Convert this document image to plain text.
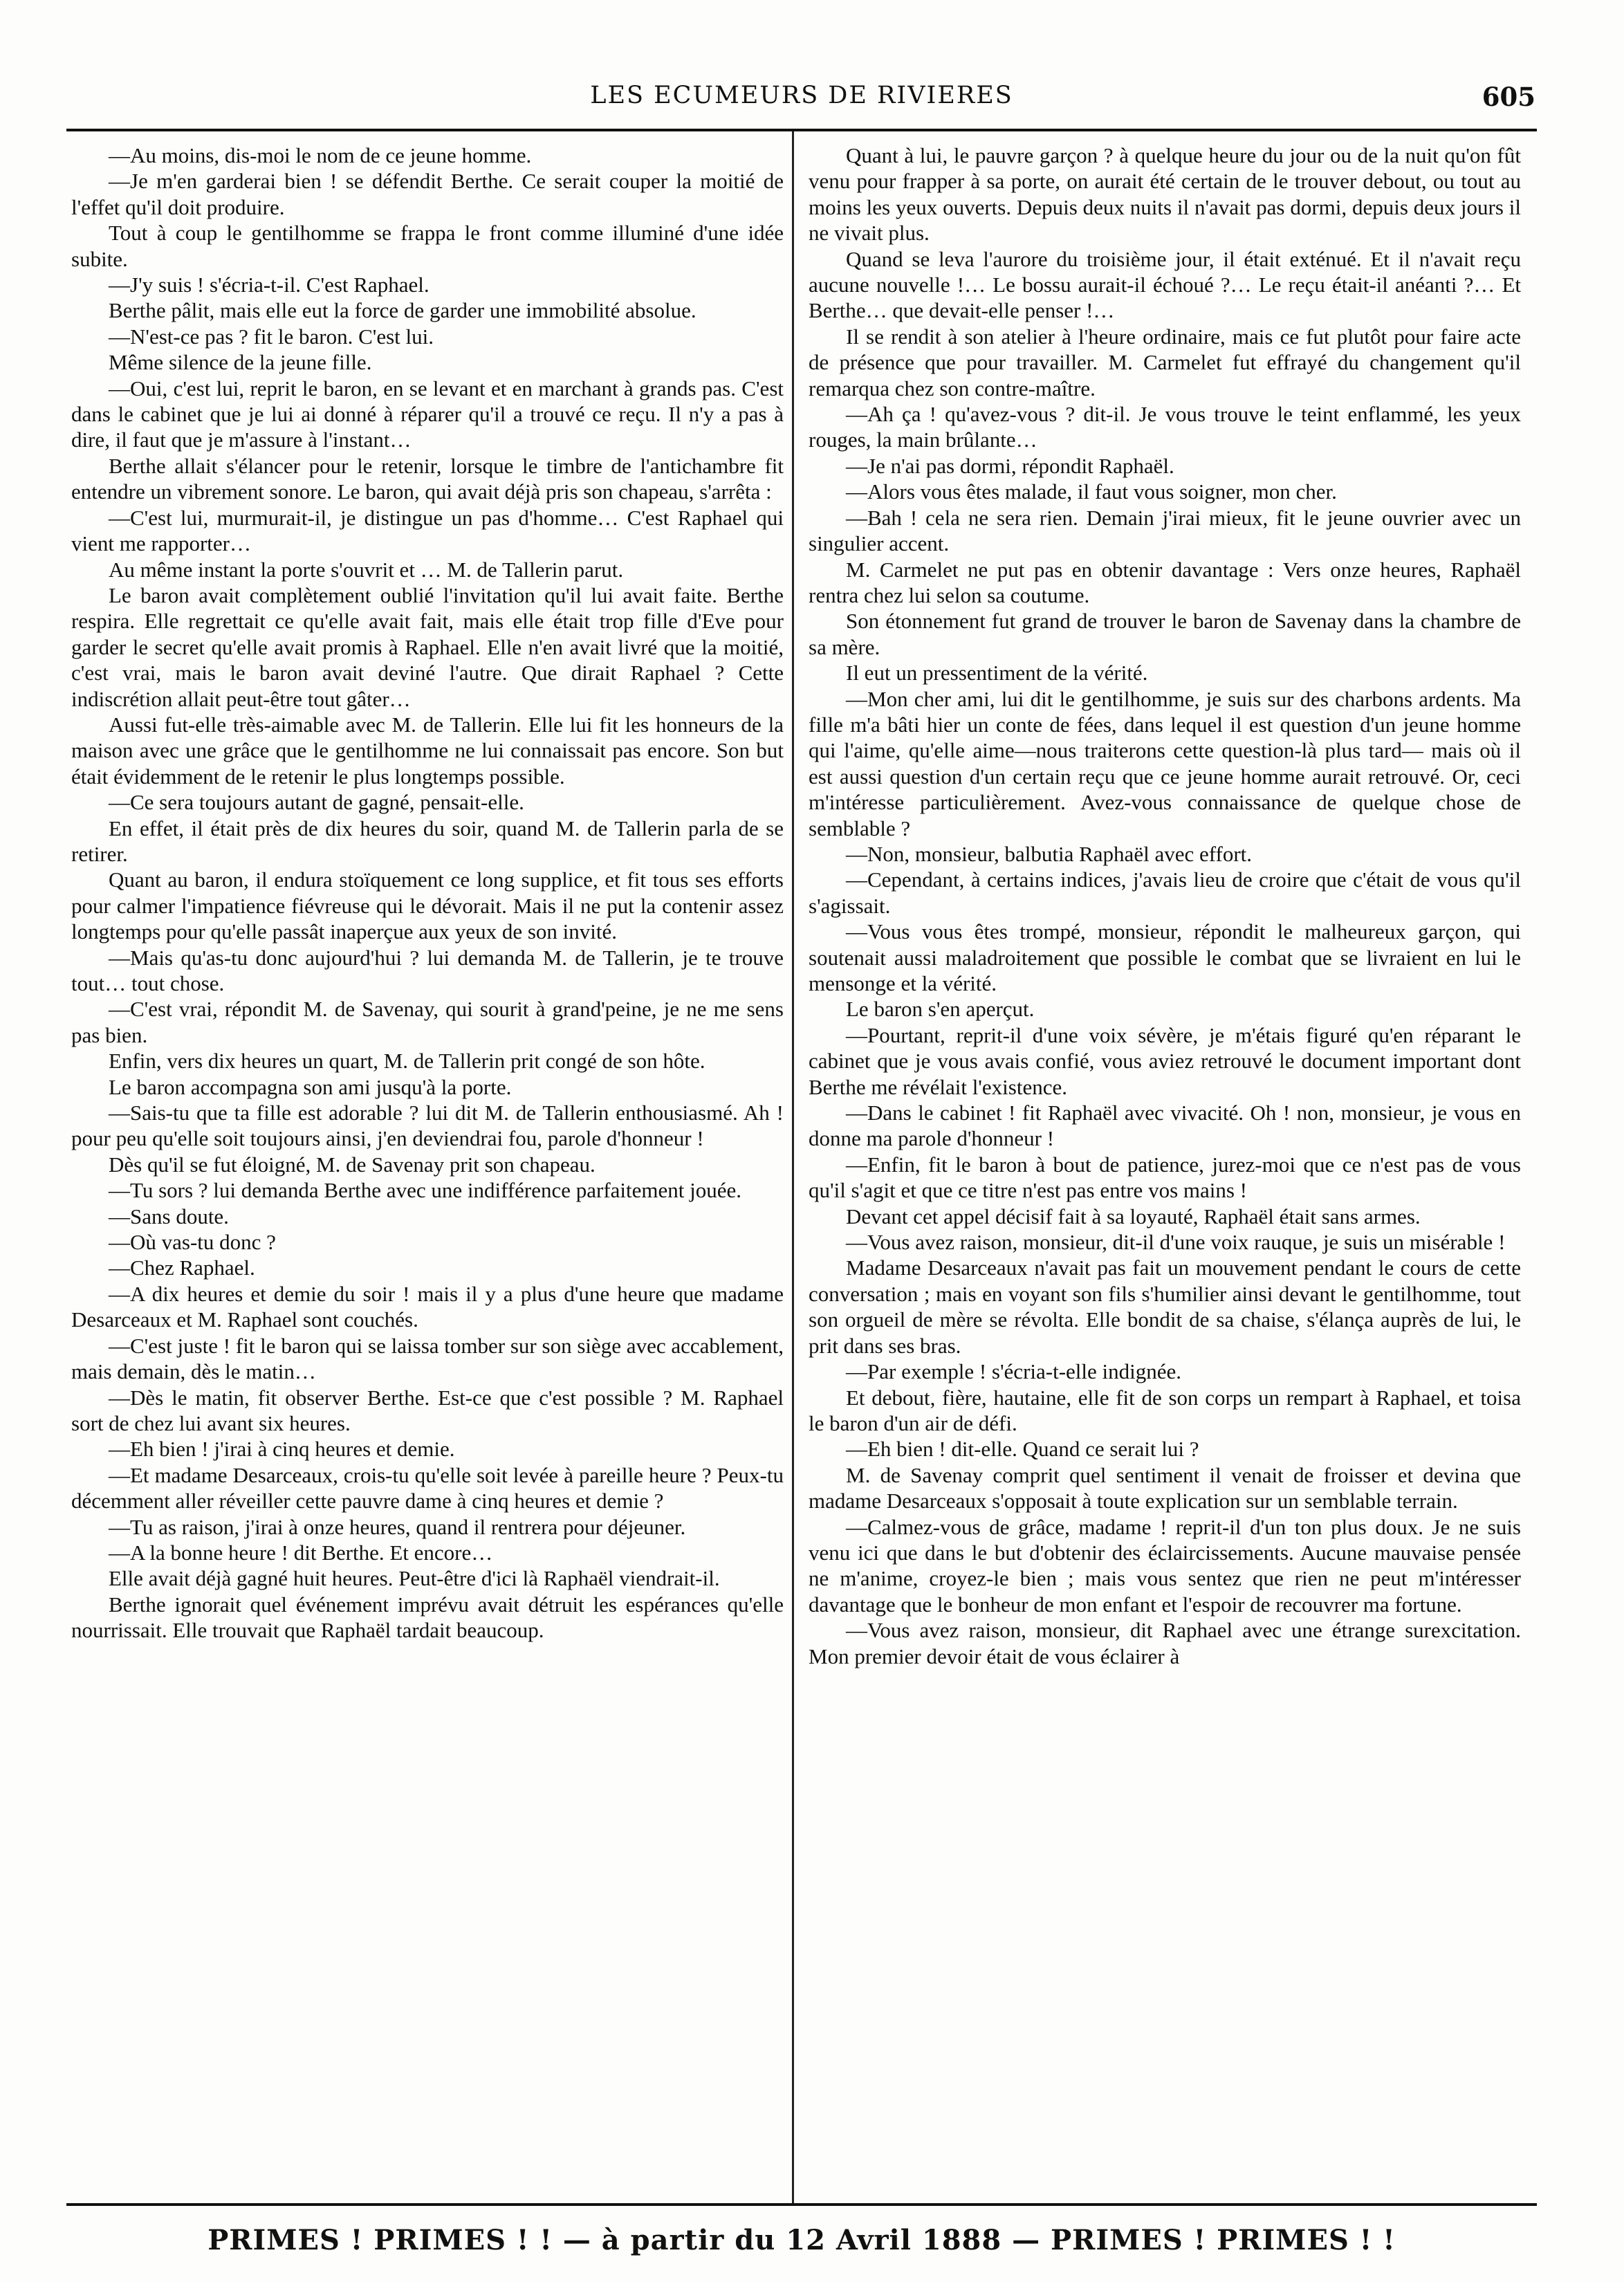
LES ECUMEURS DE RIVIERES	605

—Au moins, dis-moi le nom de ce jeune homme.

—Je m'en garderai bien ! se défendit Berthe. Ce serait couper la moitié de l'effet qu'il doit produire.

Tout à coup le gentilhomme se frappa le front comme illuminé d'une idée subite.

—J'y suis ! s'écria-t-il. C'est Raphael.

Berthe pâlit, mais elle eut la force de garder une immobilité absolue.

—N'est-ce pas ? fit le baron. C'est lui.

Même silence de la jeune fille.

—Oui, c'est lui, reprit le baron, en se levant et en marchant à grands pas. C'est dans le cabinet que je lui ai donné à réparer qu'il a trouvé ce reçu. Il n'y a pas à dire, il faut que je m'assure à l'instant…

Berthe allait s'élancer pour le retenir, lorsque le timbre de l'antichambre fit entendre un vibrement sonore. Le baron, qui avait déjà pris son chapeau, s'arrêta :

—C'est lui, murmurait-il, je distingue un pas d'homme… C'est Raphael qui vient me rapporter…

Au même instant la porte s'ouvrit et … M. de Tallerin parut.

Le baron avait complètement oublié l'invitation qu'il lui avait faite. Berthe respira. Elle regrettait ce qu'elle avait fait, mais elle était trop fille d'Eve pour garder le secret qu'elle avait promis à Raphael. Elle n'en avait livré que la moitié, c'est vrai, mais le baron avait deviné l'autre. Que dirait Raphael ? Cette indiscrétion allait peut-être tout gâter…

Aussi fut-elle très-aimable avec M. de Tallerin. Elle lui fit les honneurs de la maison avec une grâce que le gentilhomme ne lui connaissait pas encore. Son but était évidemment de le retenir le plus longtemps possible.

—Ce sera toujours autant de gagné, pensait-elle.

En effet, il était près de dix heures du soir, quand M. de Tallerin parla de se retirer.

Quant au baron, il endura stoïquement ce long supplice, et fit tous ses efforts pour calmer l'impatience fiévreuse qui le dévorait. Mais il ne put la contenir assez longtemps pour qu'elle passât inaperçue aux yeux de son invité.

—Mais qu'as-tu donc aujourd'hui ? lui demanda M. de Tallerin, je te trouve tout… tout chose.

—C'est vrai, répondit M. de Savenay, qui sourit à grand'peine, je ne me sens pas bien.

Enfin, vers dix heures un quart, M. de Tallerin prit congé de son hôte.

Le baron accompagna son ami jusqu'à la porte.

—Sais-tu que ta fille est adorable ? lui dit M. de Tallerin enthousiasmé. Ah ! pour peu qu'elle soit toujours ainsi, j'en deviendrai fou, parole d'honneur !

Dès qu'il se fut éloigné, M. de Savenay prit son chapeau.

—Tu sors ? lui demanda Berthe avec une indifférence parfaitement jouée.

—Sans doute.

—Où vas-tu donc ?

—Chez Raphael.

—A dix heures et demie du soir ! mais il y a plus d'une heure que madame Desarceaux et M. Raphael sont couchés.

—C'est juste ! fit le baron qui se laissa tomber sur son siège avec accablement, mais demain, dès le matin…

—Dès le matin, fit observer Berthe. Est-ce que c'est possible ? M. Raphael sort de chez lui avant six heures.

—Eh bien ! j'irai à cinq heures et demie.

—Et madame Desarceaux, crois-tu qu'elle soit levée à pareille heure ? Peux-tu décemment aller réveiller cette pauvre dame à cinq heures et demie ?

—Tu as raison, j'irai à onze heures, quand il rentrera pour déjeuner.

—A la bonne heure ! dit Berthe. Et encore…

Elle avait déjà gagné huit heures. Peut-être d'ici là Raphaël viendrait-il.

Berthe ignorait quel événement imprévu avait détruit les espérances qu'elle nourrissait. Elle trouvait que Raphaël tardait beaucoup.

Quant à lui, le pauvre garçon ? à quelque heure du jour ou de la nuit qu'on fût venu pour frapper à sa porte, on aurait été certain de le trouver debout, ou tout au moins les yeux ouverts. Depuis deux nuits il n'avait pas dormi, depuis deux jours il ne vivait plus.

Quand se leva l'aurore du troisième jour, il était exténué. Et il n'avait reçu aucune nouvelle !… Le bossu aurait-il échoué ?… Le reçu était-il anéanti ?… Et Berthe… que devait-elle penser !…

Il se rendit à son atelier à l'heure ordinaire, mais ce fut plutôt pour faire acte de présence que pour travailler. M. Carmelet fut effrayé du changement qu'il remarqua chez son contre-maître.

—Ah ça ! qu'avez-vous ? dit-il. Je vous trouve le teint enflammé, les yeux rouges, la main brûlante…

—Je n'ai pas dormi, répondit Raphaël.

—Alors vous êtes malade, il faut vous soigner, mon cher.

—Bah ! cela ne sera rien. Demain j'irai mieux, fit le jeune ouvrier avec un singulier accent.

M. Carmelet ne put pas en obtenir davantage : Vers onze heures, Raphaël rentra chez lui selon sa coutume.

Son étonnement fut grand de trouver le baron de Savenay dans la chambre de sa mère.

Il eut un pressentiment de la vérité.

—Mon cher ami, lui dit le gentilhomme, je suis sur des charbons ardents. Ma fille m'a bâti hier un conte de fées, dans lequel il est question d'un jeune homme qui l'aime, qu'elle aime—nous traiterons cette question-là plus tard— mais où il est aussi question d'un certain reçu que ce jeune homme aurait retrouvé. Or, ceci m'intéresse particulièrement. Avez-vous connaissance de quelque chose de semblable ?

—Non, monsieur, balbutia Raphaël avec effort.

—Cependant, à certains indices, j'avais lieu de croire que c'était de vous qu'il s'agissait.

—Vous vous êtes trompé, monsieur, répondit le malheureux garçon, qui soutenait aussi maladroitement que possible le combat que se livraient en lui le mensonge et la vérité.

Le baron s'en aperçut.

—Pourtant, reprit-il d'une voix sévère, je m'étais figuré qu'en réparant le cabinet que je vous avais confié, vous aviez retrouvé le document important dont Berthe me révélait l'existence.

—Dans le cabinet ! fit Raphaël avec vivacité. Oh ! non, monsieur, je vous en donne ma parole d'honneur !

—Enfin, fit le baron à bout de patience, jurez-moi que ce n'est pas de vous qu'il s'agit et que ce titre n'est pas entre vos mains !

Devant cet appel décisif fait à sa loyauté, Raphaël était sans armes.

—Vous avez raison, monsieur, dit-il d'une voix rauque, je suis un misérable !

Madame Desarceaux n'avait pas fait un mouvement pendant le cours de cette conversation ; mais en voyant son fils s'humilier ainsi devant le gentilhomme, tout son orgueil de mère se révolta. Elle bondit de sa chaise, s'élança auprès de lui, le prit dans ses bras.

—Par exemple ! s'écria-t-elle indignée.

Et debout, fière, hautaine, elle fit de son corps un rempart à Raphael, et toisa le baron d'un air de défi.

—Eh bien ! dit-elle. Quand ce serait lui ?

M. de Savenay comprit quel sentiment il venait de froisser et devina que madame Desarceaux s'opposait à toute explication sur un semblable terrain.

—Calmez-vous de grâce, madame ! reprit-il d'un ton plus doux. Je ne suis venu ici que dans le but d'obtenir des éclaircissements. Aucune mauvaise pensée ne m'anime, croyez-le bien ; mais vous sentez que rien ne peut m'intéresser davantage que le bonheur de mon enfant et l'espoir de recouvrer ma fortune.

—Vous avez raison, monsieur, dit Raphael avec une étrange surexcitation. Mon premier devoir était de vous éclairer à

PRIMES ! PRIMES ! ! — à partir du 12 Avril 1888 — PRIMES ! PRIMES ! !
